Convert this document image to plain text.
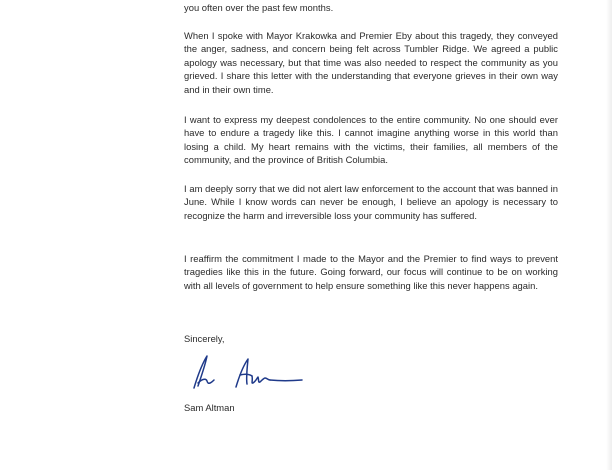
you often over the past few months.

When I spoke with Mayor Krakowka and Premier Eby about this tragedy, they conveyed the anger, sadness, and concern being felt across Tumbler Ridge. We agreed a public apology was necessary, but that time was also needed to respect the community as you grieved. I share this letter with the understanding that everyone grieves in their own way and in their own time.

I want to express my deepest condolences to the entire community. No one should ever have to endure a tragedy like this. I cannot imagine anything worse in this world than losing a child. My heart remains with the victims, their families, all members of the community, and the province of British Columbia.

I am deeply sorry that we did not alert law enforcement to the account that was banned in June. While I know words can never be enough, I believe an apology is necessary to recognize the harm and irreversible loss your community has suffered.

I reaffirm the commitment I made to the Mayor and the Premier to find ways to prevent tragedies like this in the future. Going forward, our focus will continue to be on working with all levels of government to help ensure something like this never happens again.

Sincerely,
Sam Altman
